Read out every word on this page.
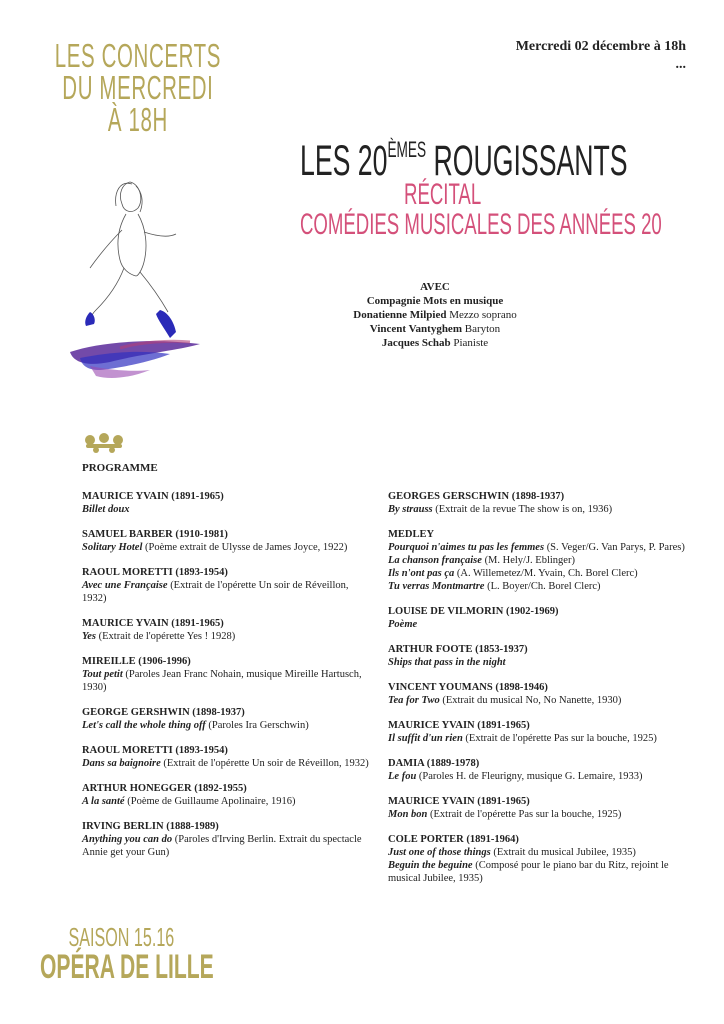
LES CONCERTS
DU MERCREDI
À 18H
Mercredi 02 décembre à 18h
...
LES 20ÈMES ROUGISSANTS
RÉCITAL
COMÉDIES MUSICALES DES ANNÉES 20
AVEC
Compagnie Mots en musique
Donatienne Milpied Mezzo soprano
Vincent Vantyghem Baryton
Jacques Schab Pianiste
PROGRAMME
MAURICE YVAIN (1891-1965)
Billet doux
SAMUEL BARBER (1910-1981)
Solitary Hotel (Poème extrait de Ulysse de James Joyce, 1922)
RAOUL MORETTI (1893-1954)
Avec une Française (Extrait de l'opérette Un soir de Réveillon, 1932)
MAURICE YVAIN (1891-1965)
Yes (Extrait de l'opérette Yes ! 1928)
MIREILLE (1906-1996)
Tout petit (Paroles Jean Franc Nohain, musique Mireille Hartusch, 1930)
GEORGE GERSHWIN (1898-1937)
Let's call the whole thing off (Paroles Ira Gerschwin)
RAOUL MORETTI (1893-1954)
Dans sa baignoire (Extrait de l'opérette Un soir de Réveillon, 1932)
ARTHUR HONEGGER (1892-1955)
A la santé (Poème de Guillaume Apolinaire, 1916)
IRVING BERLIN (1888-1989)
Anything you can do (Paroles d'Irving Berlin. Extrait du spectacle Annie get your Gun)
GEORGES GERSCHWIN (1898-1937)
By strauss (Extrait de la revue The show is on, 1936)
MEDLEY
Pourquoi n'aimes tu pas les femmes (S. Veger/G. Van Parys, P. Pares)
La chanson française (M. Hely/J. Eblinger)
Ils n'ont pas ça (A. Willemetez/M. Yvain, Ch. Borel Clerc)
Tu verras Montmartre (L. Boyer/Ch. Borel Clerc)
LOUISE DE VILMORIN (1902-1969)
Poème
ARTHUR FOOTE (1853-1937)
Ships that pass in the night
VINCENT YOUMANS (1898-1946)
Tea for Two (Extrait du musical No, No Nanette, 1930)
MAURICE YVAIN (1891-1965)
Il suffit d'un rien (Extrait de l'opérette Pas sur la bouche, 1925)
DAMIA (1889-1978)
Le fou (Paroles H. de Fleurigny, musique G. Lemaire, 1933)
MAURICE YVAIN (1891-1965)
Mon bon (Extrait de l'opérette Pas sur la bouche, 1925)
COLE PORTER (1891-1964)
Just one of those things (Extrait du musical Jubilee, 1935)
Beguin the beguine (Composé pour le piano bar du Ritz, rejoint le musical Jubilee, 1935)
SAISON 15.16
OPÉRA DE LILLE
